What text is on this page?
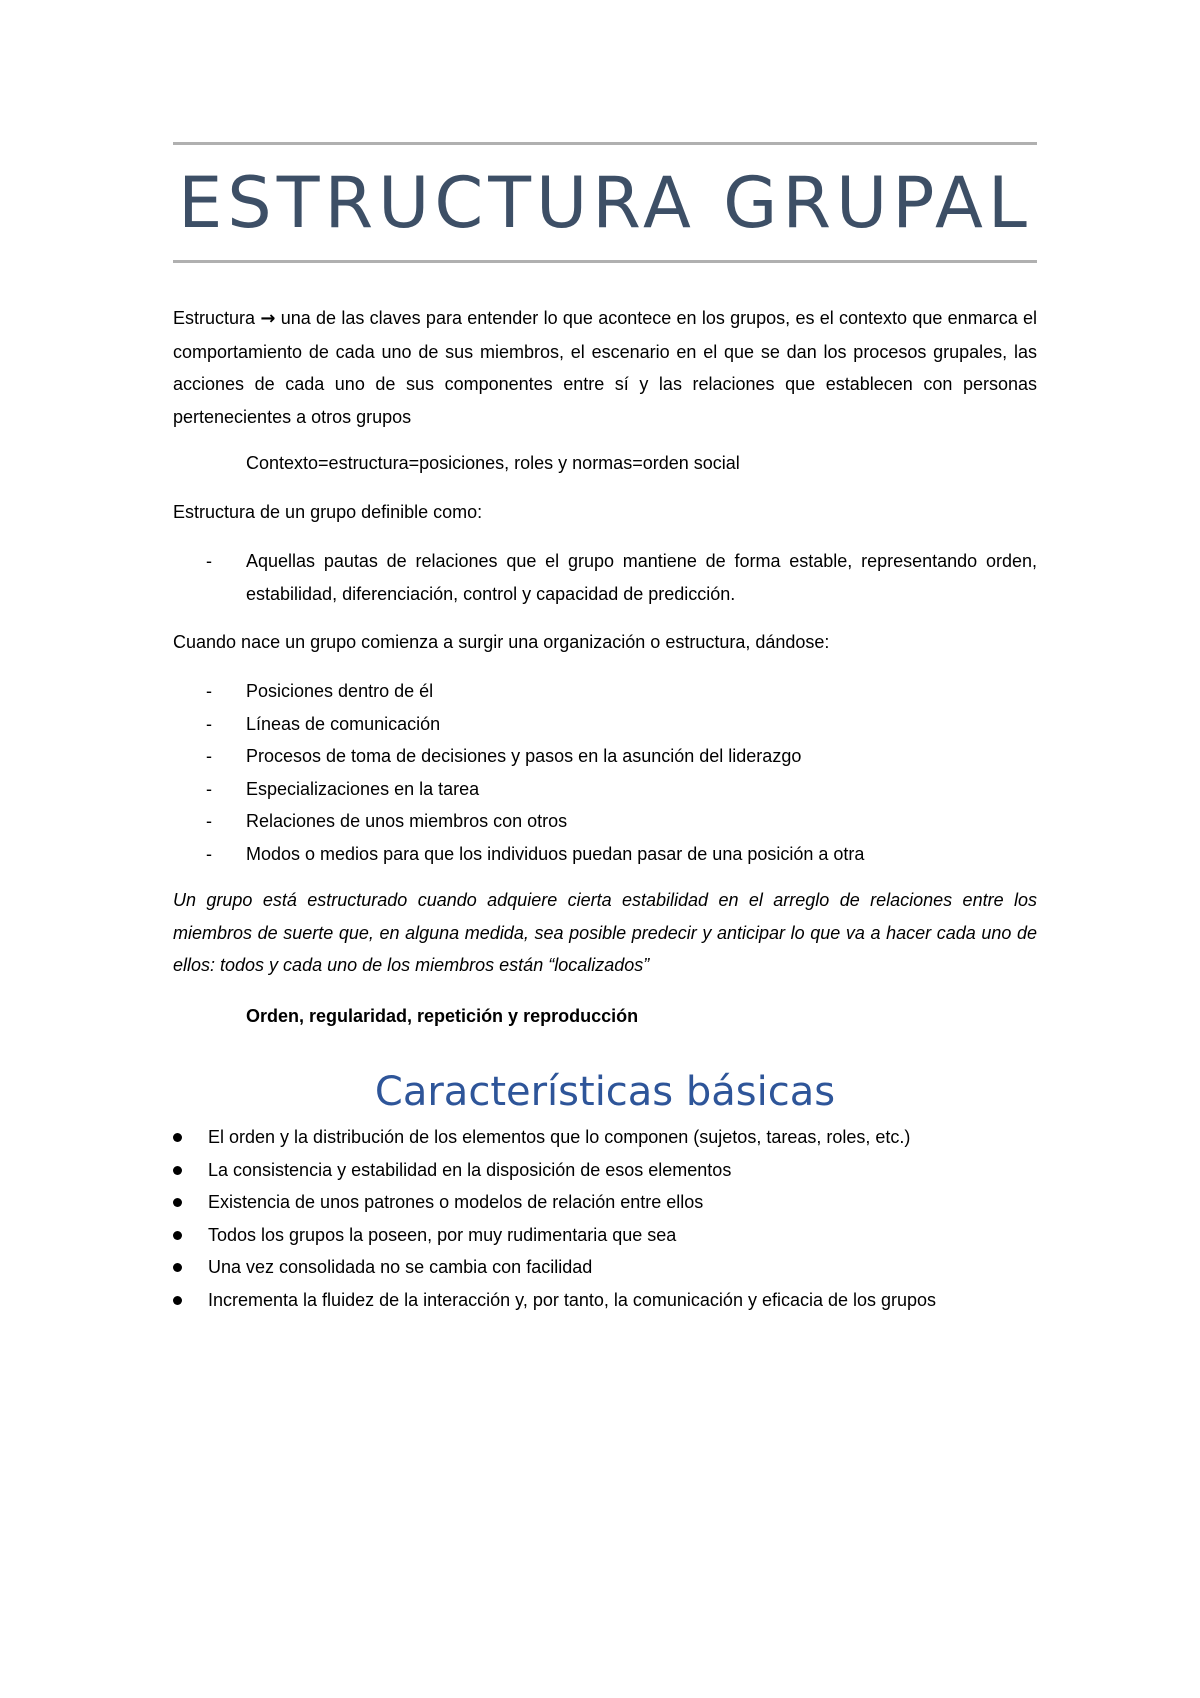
ESTRUCTURA GRUPAL
Estructura → una de las claves para entender lo que acontece en los grupos, es el contexto que enmarca el comportamiento de cada uno de sus miembros, el escenario en el que se dan los procesos grupales, las acciones de cada uno de sus componentes entre sí y las relaciones que establecen con personas pertenecientes a otros grupos
Contexto=estructura=posiciones, roles y normas=orden social
Estructura de un grupo definible como:
- Aquellas pautas de relaciones que el grupo mantiene de forma estable, representando orden, estabilidad, diferenciación, control y capacidad de predicción.
Cuando nace un grupo comienza a surgir una organización o estructura, dándose:
- Posiciones dentro de él
- Líneas de comunicación
- Procesos de toma de decisiones y pasos en la asunción del liderazgo
- Especializaciones en la tarea
- Relaciones de unos miembros con otros
- Modos o medios para que los individuos puedan pasar de una posición a otra
Un grupo está estructurado cuando adquiere cierta estabilidad en el arreglo de relaciones entre los miembros de suerte que, en alguna medida, sea posible predecir y anticipar lo que va a hacer cada uno de ellos: todos y cada uno de los miembros están “localizados”
Orden, regularidad, repetición y reproducción
Características básicas
El orden y la distribución de los elementos que lo componen (sujetos, tareas, roles, etc.)
La consistencia y estabilidad en la disposición de esos elementos
Existencia de unos patrones o modelos de relación entre ellos
Todos los grupos la poseen, por muy rudimentaria que sea
Una vez consolidada no se cambia con facilidad
Incrementa la fluidez de la interacción y, por tanto, la comunicación y eficacia de los grupos
